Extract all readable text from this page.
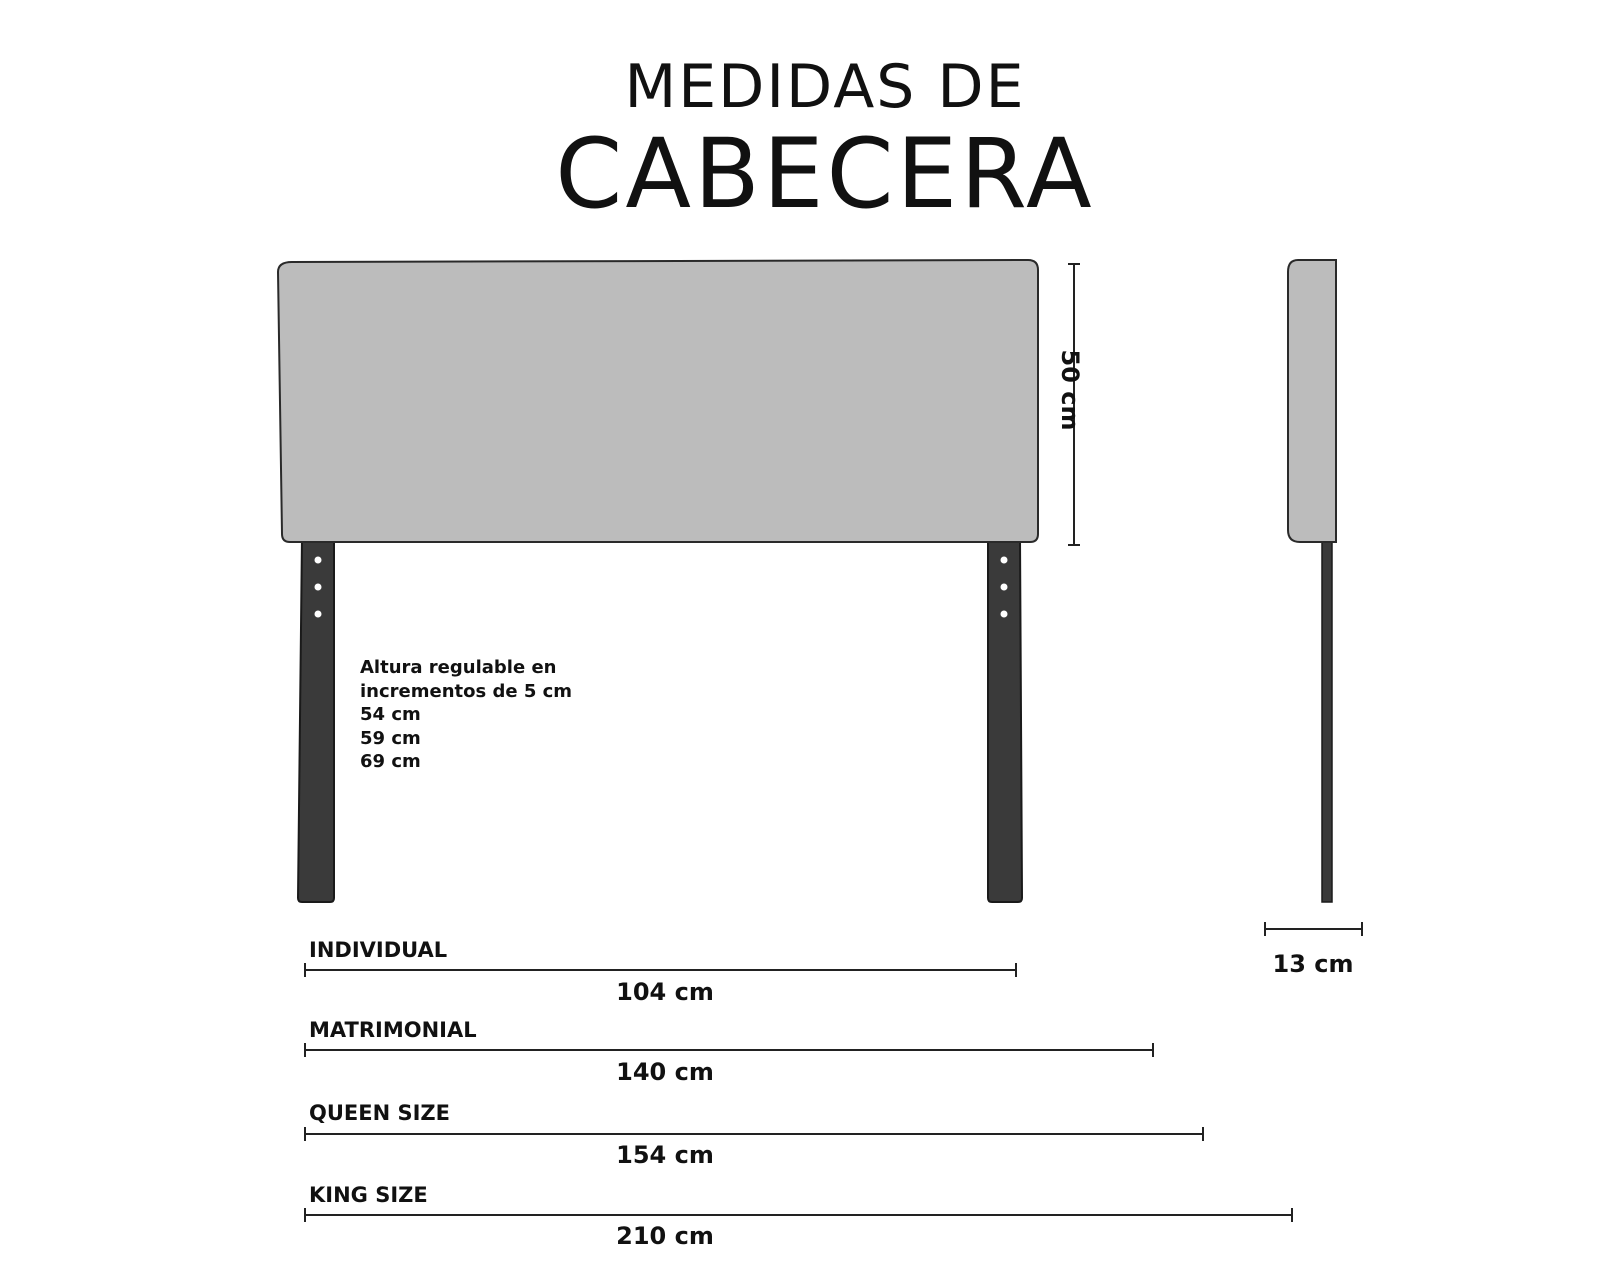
MEDIDAS DE
CABECERA
50 cm
Altura regulable en
incrementos de 5 cm
54 cm
59 cm
69 cm
13 cm
INDIVIDUAL
104 cm
MATRIMONIAL
140 cm
QUEEN SIZE
154 cm
KING SIZE
210 cm
